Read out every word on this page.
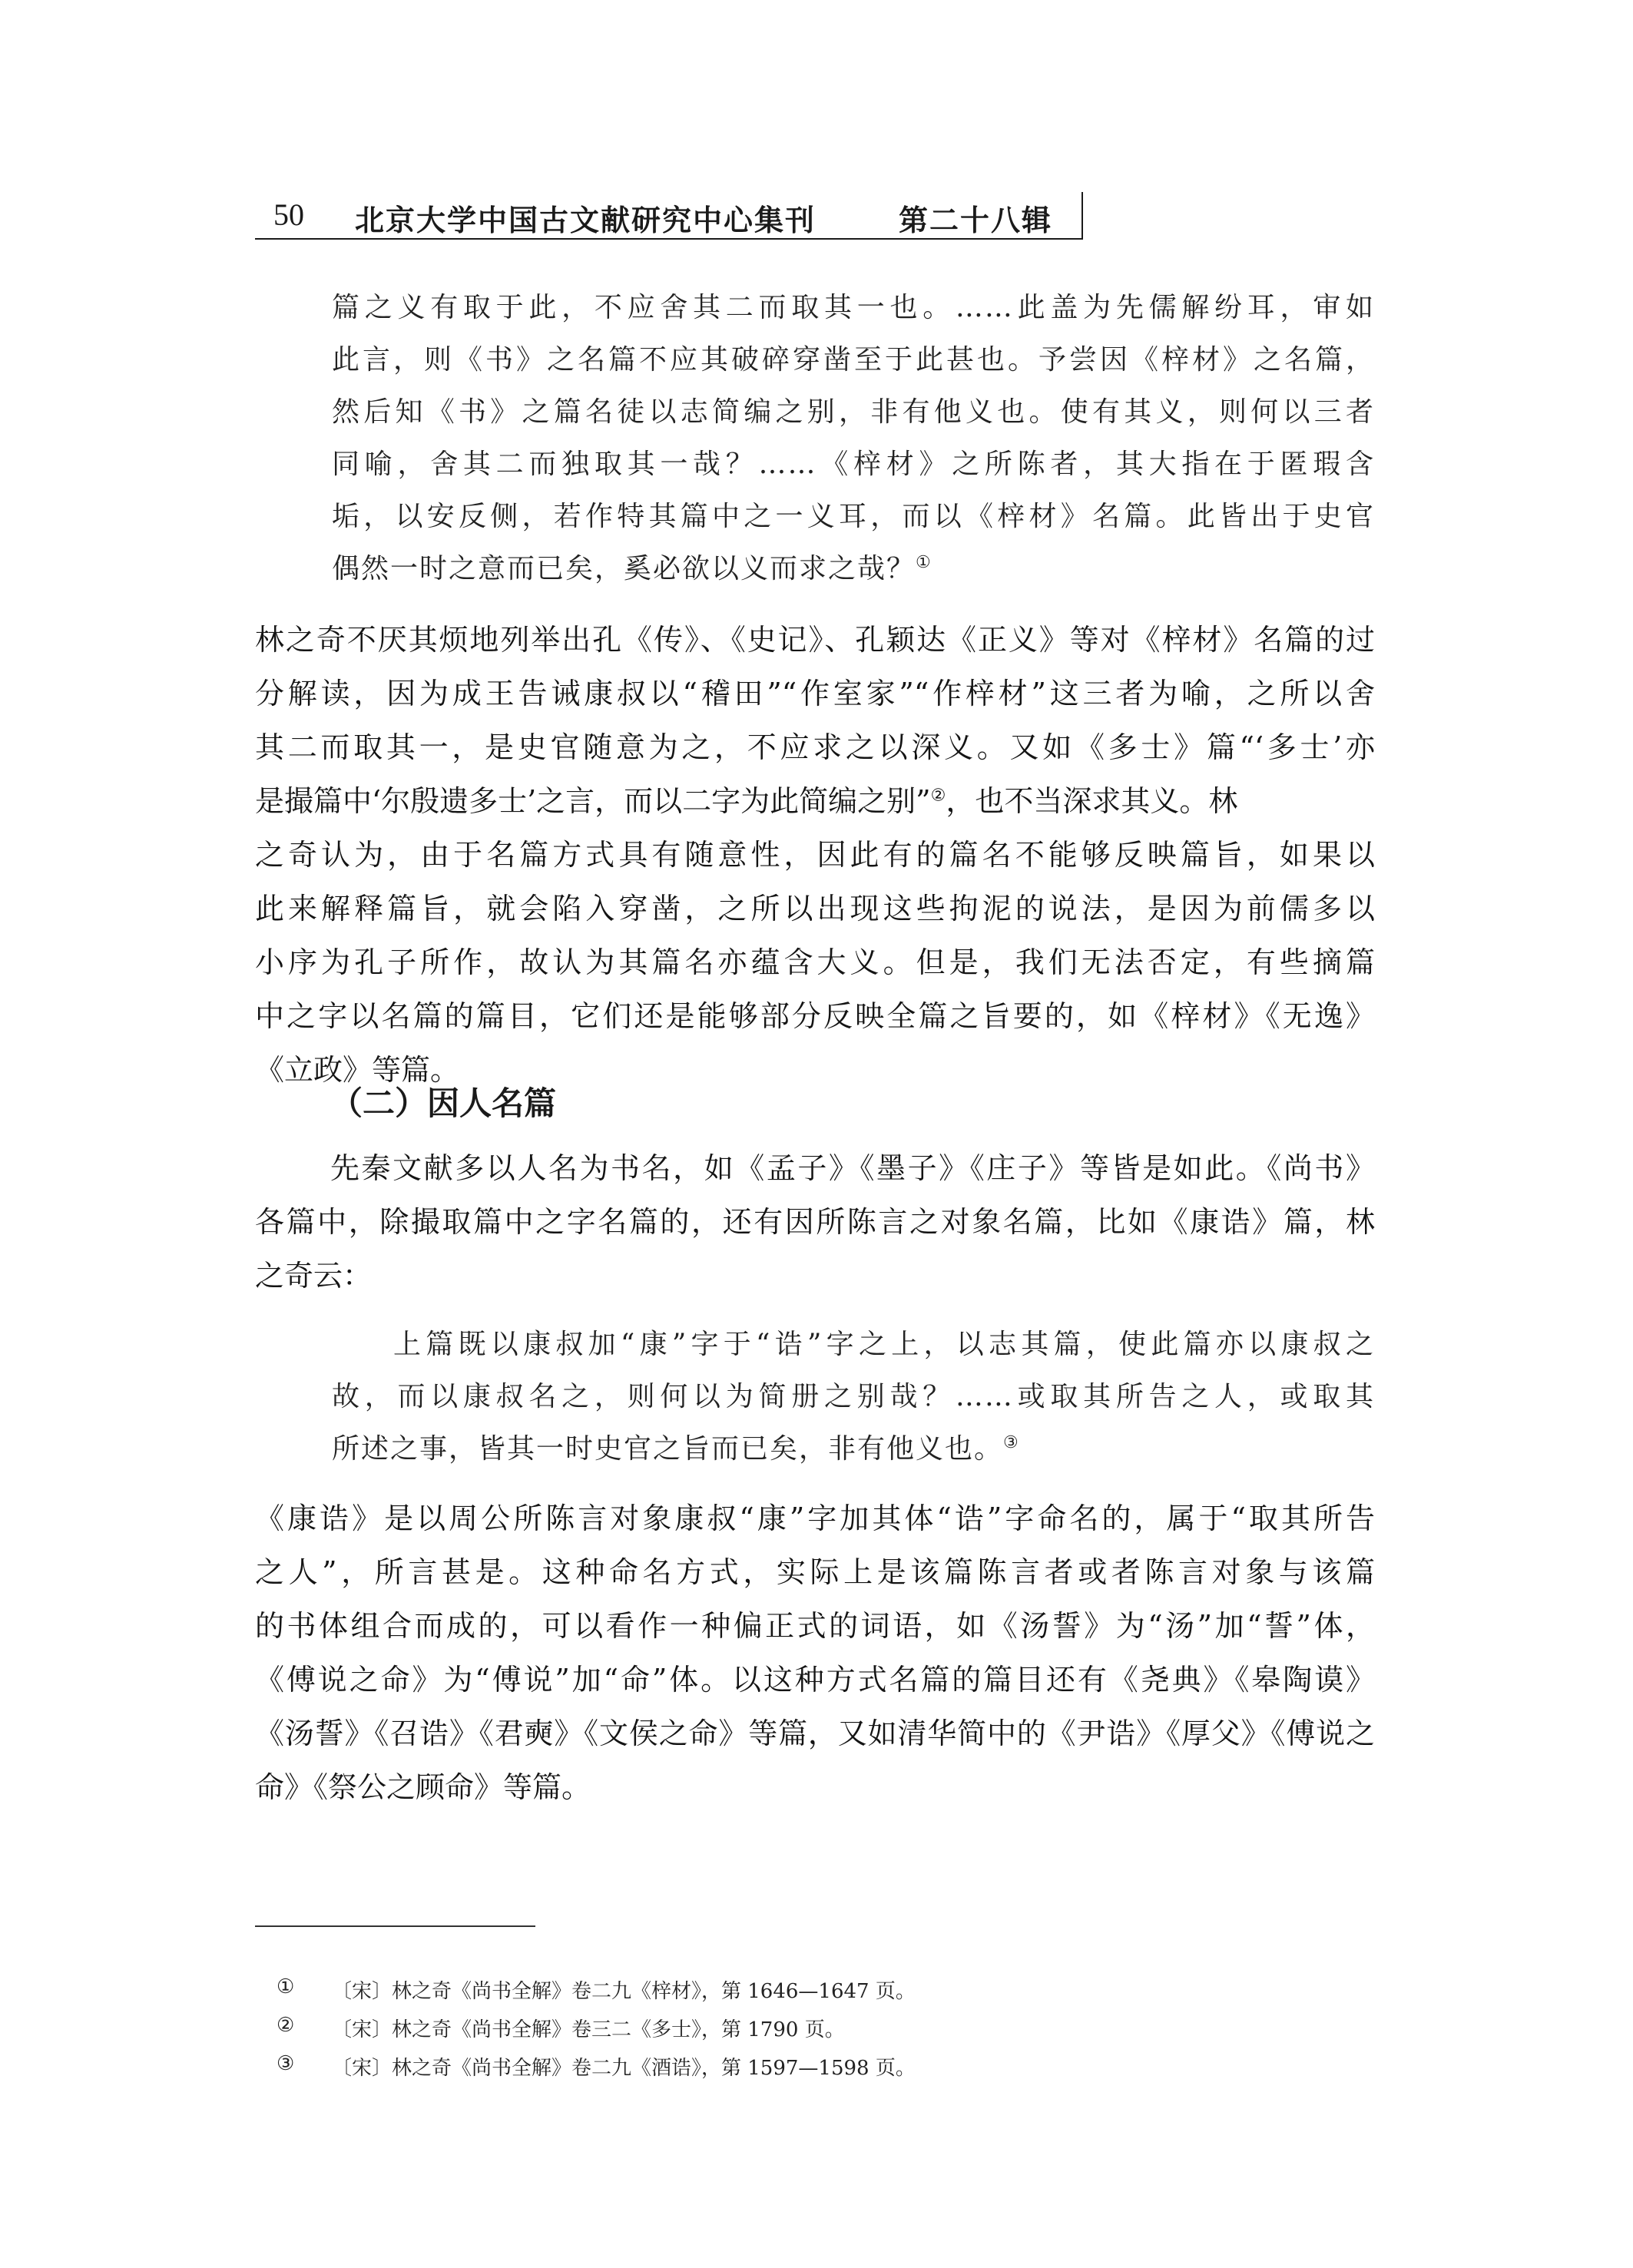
50 北京大学中国古文献研究中心集刊	第二十八辑
篇之义有取于此，不应舍其二而取其一也。……此盖为先儒解纷耳，审如
此言，则《书》之名篇不应其破碎穿凿至于此甚也。予尝因《梓材》之名篇，
然后知《书》之篇名徒以志简编之别，非有他义也。使有其义，则何以三者
同喻，舍其二而独取其一哉？……《梓材》之所陈者，其大指在于匿瑕含
垢，以安反侧，若作特其篇中之一义耳，而以《梓材》名篇。此皆出于史官
偶然一时之意而已矣，奚必欲以义而求之哉？①
林之奇不厌其烦地列举出孔《传》、《史记》、孔颖达《正义》等对《梓材》名篇的过
分解读，因为成王告诫康叔以“稽田”“作室家”“作梓材”这三者为喻，之所以舍
其二而取其一，是史官随意为之，不应求之以深义。又如《多士》篇“‘多士’亦
是撮篇中‘尔殷遗多士’之言，而以二字为此简编之别”②，也不当深求其义。林
之奇认为，由于名篇方式具有随意性，因此有的篇名不能够反映篇旨，如果以
此来解释篇旨，就会陷入穿凿，之所以出现这些拘泥的说法，是因为前儒多以
小序为孔子所作，故认为其篇名亦蕴含大义。但是，我们无法否定，有些摘篇
中之字以名篇的篇目，它们还是能够部分反映全篇之旨要的，如《梓材》《无逸》
《立政》等篇。
（二）因人名篇
先秦文献多以人名为书名，如《孟子》《墨子》《庄子》等皆是如此。《尚书》
各篇中，除撮取篇中之字名篇的，还有因所陈言之对象名篇，比如《康诰》篇，林
之奇云：
上篇既以康叔加“康”字于“诰”字之上，以志其篇，使此篇亦以康叔之
故，而以康叔名之，则何以为简册之别哉？……或取其所告之人，或取其
所述之事，皆其一时史官之旨而已矣，非有他义也。③
《康诰》是以周公所陈言对象康叔“康”字加其体“诰”字命名的，属于“取其所告
之人”，所言甚是。这种命名方式，实际上是该篇陈言者或者陈言对象与该篇
的书体组合而成的，可以看作一种偏正式的词语，如《汤誓》为“汤”加“誓”体，
《傅说之命》为“傅说”加“命”体。以这种方式名篇的篇目还有《尧典》《皋陶谟》
《汤誓》《召诰》《君奭》《文侯之命》等篇，又如清华简中的《尹诰》《厚父》《傅说之
命》《祭公之顾命》等篇。
① 〔宋〕林之奇《尚书全解》卷二九《梓材》，第 1646—1647 页。
② 〔宋〕林之奇《尚书全解》卷三二《多士》，第 1790 页。
③ 〔宋〕林之奇《尚书全解》卷二九《酒诰》，第 1597—1598 页。
